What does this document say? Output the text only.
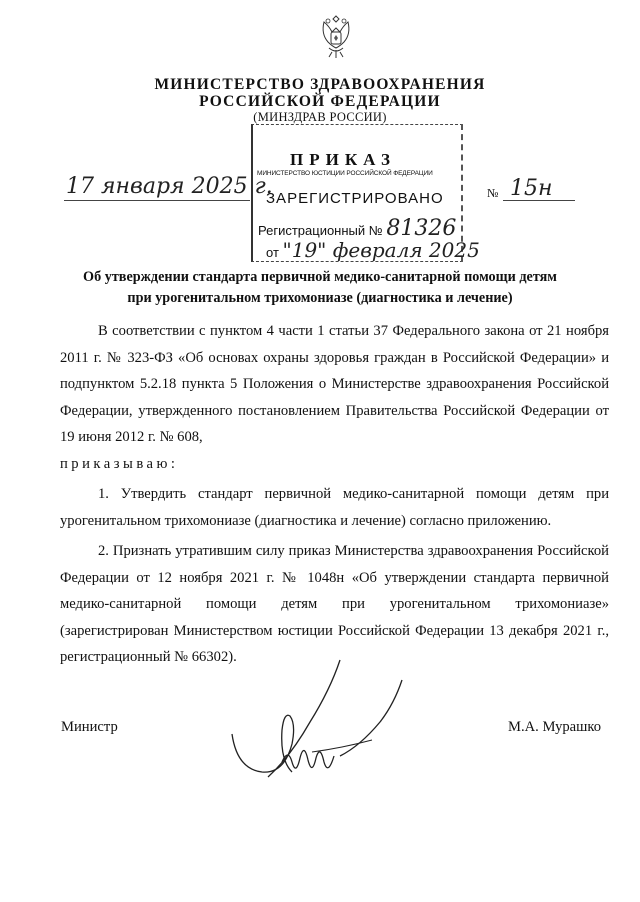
МИНИСТЕРСТВО ЗДРАВООХРАНЕНИЯ
РОССИЙСКОЙ ФЕДЕРАЦИИ
(МИНЗДРАВ РОССИИ)
ПРИКАЗ
МИНИСТЕРСТВО ЮСТИЦИИ РОССИЙСКОЙ ФЕДЕРАЦИИ
ЗАРЕГИСТРИРОВАНО
Регистрационный № 81326
от "19" февраля 2025
17 января 2025 г.	№ 15н
Об утверждении стандарта первичной медико-санитарной помощи детям
при урогенитальном трихомониазе (диагностика и лечение)

В соответствии с пунктом 4 части 1 статьи 37 Федерального закона от 21 ноября 2011 г. № 323-ФЗ «Об основах охраны здоровья граждан в Российской Федерации» и подпунктом 5.2.18 пункта 5 Положения о Министерстве здравоохранения Российской Федерации, утвержденного постановлением Правительства Российской Федерации от 19 июня 2012 г. № 608,

приказываю:

1. Утвердить стандарт первичной медико-санитарной помощи детям при урогенитальном трихомониазе (диагностика и лечение) согласно приложению.

2. Признать утратившим силу приказ Министерства здравоохранения Российской Федерации от 12 ноября 2021 г. № 1048н «Об утверждении стандарта первичной медико-санитарной помощи детям при урогенитальном трихомониазе» (зарегистрирован Министерством юстиции Российской Федерации 13 декабря 2021 г., регистрационный № 66302).

Министр	М.А. Мурашко
